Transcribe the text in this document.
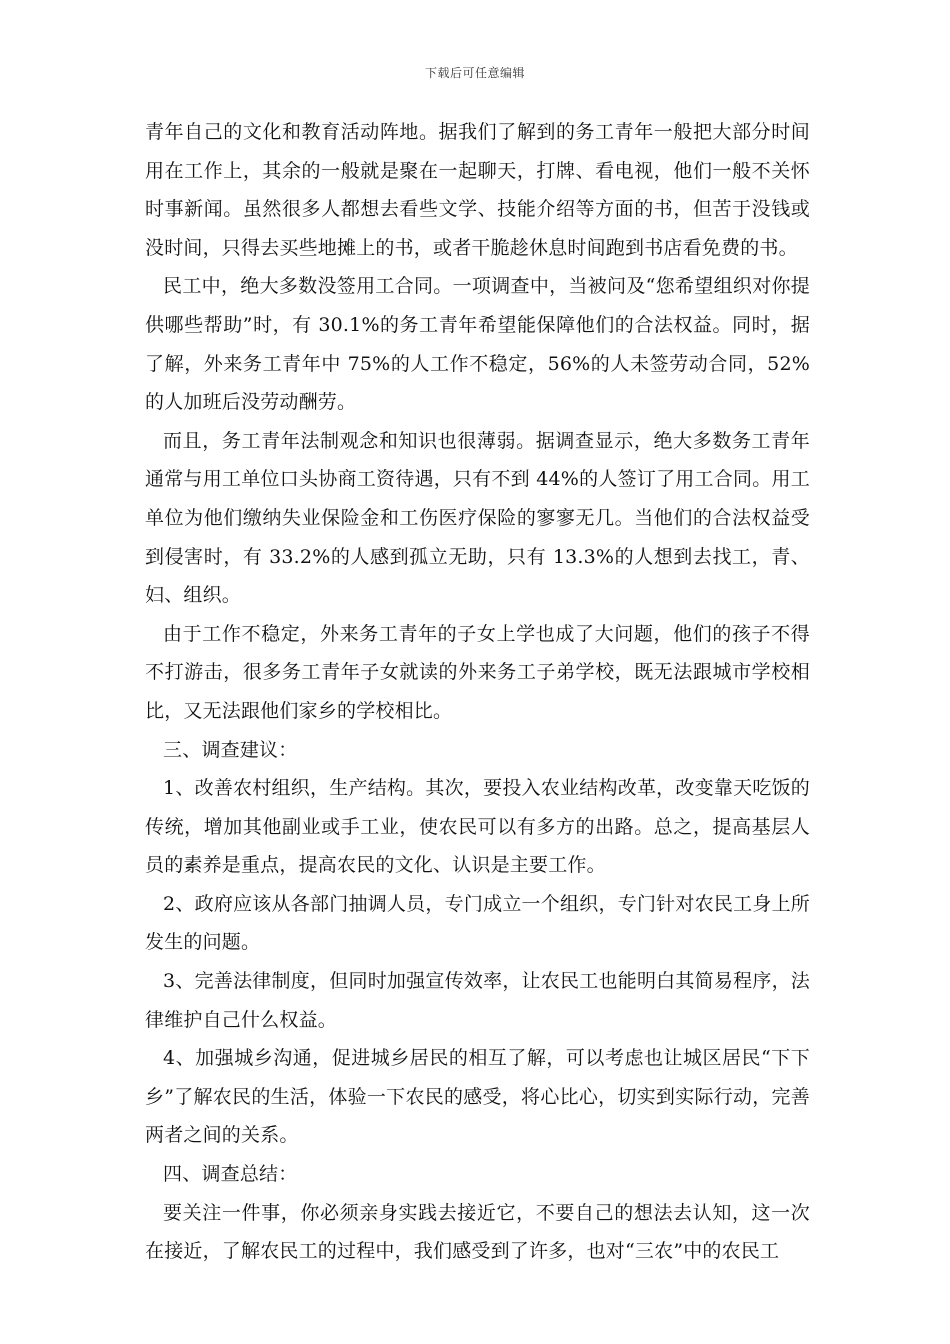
下载后可任意编辑

青年自己的文化和教育活动阵地。据我们了解到的务工青年一般把大部分时间用在工作上，其余的一般就是聚在一起聊天，打牌、看电视，他们一般不关怀时事新闻。虽然很多人都想去看些文学、技能介绍等方面的书，但苦于没钱或没时间，只得去买些地摊上的书，或者干脆趁休息时间跑到书店看免费的书。

民工中，绝大多数没签用工合同。一项调查中，当被问及“您希望组织对你提供哪些帮助”时，有 30.1%的务工青年希望能保障他们的合法权益。同时，据了解，外来务工青年中 75%的人工作不稳定，56%的人未签劳动合同，52%的人加班后没劳动酬劳。

而且，务工青年法制观念和知识也很薄弱。据调查显示，绝大多数务工青年通常与用工单位口头协商工资待遇，只有不到 44%的人签订了用工合同。用工单位为他们缴纳失业保险金和工伤医疗保险的寥寥无几。当他们的合法权益受到侵害时，有 33.2%的人感到孤立无助，只有 13.3%的人想到去找工，青、妇、组织。

由于工作不稳定，外来务工青年的子女上学也成了大问题，他们的孩子不得不打游击，很多务工青年子女就读的外来务工子弟学校，既无法跟城市学校相比，又无法跟他们家乡的学校相比。

三、调查建议：

1、改善农村组织，生产结构。其次，要投入农业结构改革，改变靠天吃饭的传统，增加其他副业或手工业，使农民可以有多方的出路。总之，提高基层人员的素养是重点，提高农民的文化、认识是主要工作。

2、政府应该从各部门抽调人员，专门成立一个组织，专门针对农民工身上所发生的问题。

3、完善法律制度，但同时加强宣传效率，让农民工也能明白其简易程序，法律维护自己什么权益。

4、加强城乡沟通，促进城乡居民的相互了解，可以考虑也让城区居民“下下乡”了解农民的生活，体验一下农民的感受，将心比心，切实到实际行动，完善两者之间的关系。

四、调查总结：

要关注一件事，你必须亲身实践去接近它，不要自己的想法去认知，这一次在接近，了解农民工的过程中，我们感受到了许多，也对“三农”中的农民工
